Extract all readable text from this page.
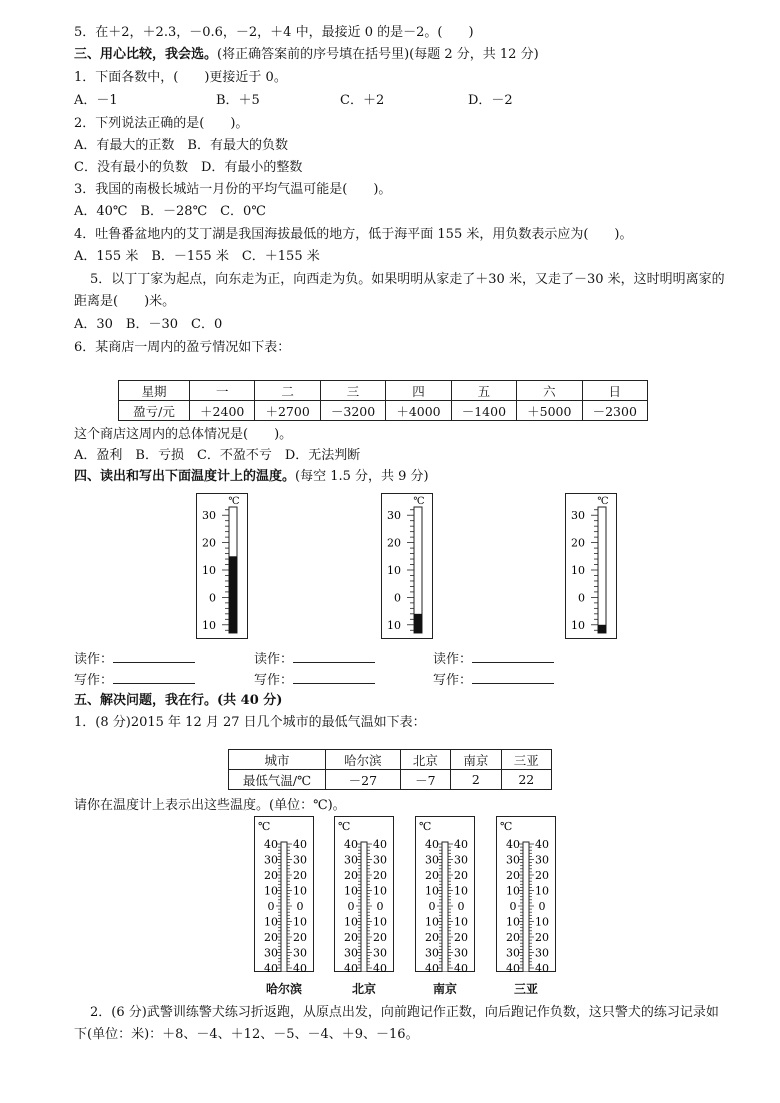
5．在＋2，＋2.3，－0.6，－2，＋4 中，最接近 0 的是－2。(　　)
三、用心比较，我会选。(将正确答案前的序号填在括号里)(每题 2 分，共 12 分)
1．下面各数中，(　　)更接近于 0。
A．－1	B．＋5	C．＋2	D．－2
2．下列说法正确的是(　　)。
A．有最大的正数　B．有最大的负数
C．没有最小的负数　D．有最小的整数
3．我国的南极长城站一月份的平均气温可能是(　　)。
A．40℃　B．－28℃　C．0℃
4．吐鲁番盆地内的艾丁湖是我国海拔最低的地方，低于海平面 155 米，用负数表示应为(　　)。
A．155 米　B．－155 米　C．＋155 米
5．以丁丁家为起点，向东走为正，向西走为负。如果明明从家走了＋30 米，又走了－30 米，这时明明离家的
距离是(　　)米。
A．30　B．－30　C．0
6．某商店一周内的盈亏情况如下表：
星期	一	二	三	四	五	六	日
盈亏/元	＋2400	＋2700	－3200	＋4000	－1400	＋5000	－2300
这个商店这周内的总体情况是(　　)。
A．盈利　B．亏损　C．不盈不亏　D．无法判断
四、读出和写出下面温度计上的温度。(每空 1.5 分，共 9 分)
℃
30
20
10
0
10
℃
30
20
10
0
10
℃
30
20
10
0
10
读作：	读作：	读作：
写作：	写作：	写作：
五、解决问题，我在行。(共 40 分)
1．(8 分)2015 年 12 月 27 日几个城市的最低气温如下表：
城市	哈尔滨	北京	南京	三亚
最低气温/℃	－27	－7	2	22
请你在温度计上表示出这些温度。(单位：℃)。
℃
40 40
30 30
20 20
10 10
0 0
10 10
20 20
30 30
40 40
℃
40 40
30 30
20 20
10 10
0 0
10 10
20 20
30 30
40 40
℃
40 40
30 30
20 20
10 10
0 0
10 10
20 20
30 30
40 40
℃
40 40
30 30
20 20
10 10
0 0
10 10
20 20
30 30
40 40
哈尔滨	北京	南京	三亚
2．(6 分)武警训练警犬练习折返跑，从原点出发，向前跑记作正数，向后跑记作负数，这只警犬的练习记录如
下(单位：米)：＋8、－4、＋12、－5、－4、＋9、－16。
